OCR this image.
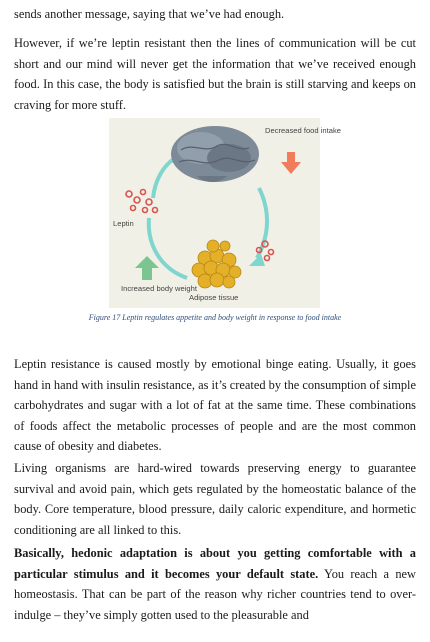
sends another message, saying that we’ve had enough.

However, if we’re leptin resistant then the lines of communication will be cut short and our mind will never get the information that we’ve received enough food. In this case, the body is satisfied but the brain is still starving and keeps on craving for more stuff.

Decreased food intake
Leptin
Increased body weight
Adipose tissue
Figure 17 Leptin regulates appetite and body weight in response to food intake

Leptin resistance is caused mostly by emotional binge eating. Usually, it goes hand in hand with insulin resistance, as it’s created by the consumption of simple carbohydrates and sugar with a lot of fat at the same time. These combinations of foods affect the metabolic processes of people and are the most common cause of obesity and diabetes.

Living organisms are hard-wired towards preserving energy to guarantee survival and avoid pain, which gets regulated by the homeostatic balance of the body. Core temperature, blood pressure, daily caloric expenditure, and hormetic conditioning are all linked to this.

Basically, hedonic adaptation is about you getting comfortable with a particular stimulus and it becomes your default state. You reach a new homeostasis. That can be part of the reason why richer countries tend to over-indulge – they’ve simply gotten used to the pleasurable and
